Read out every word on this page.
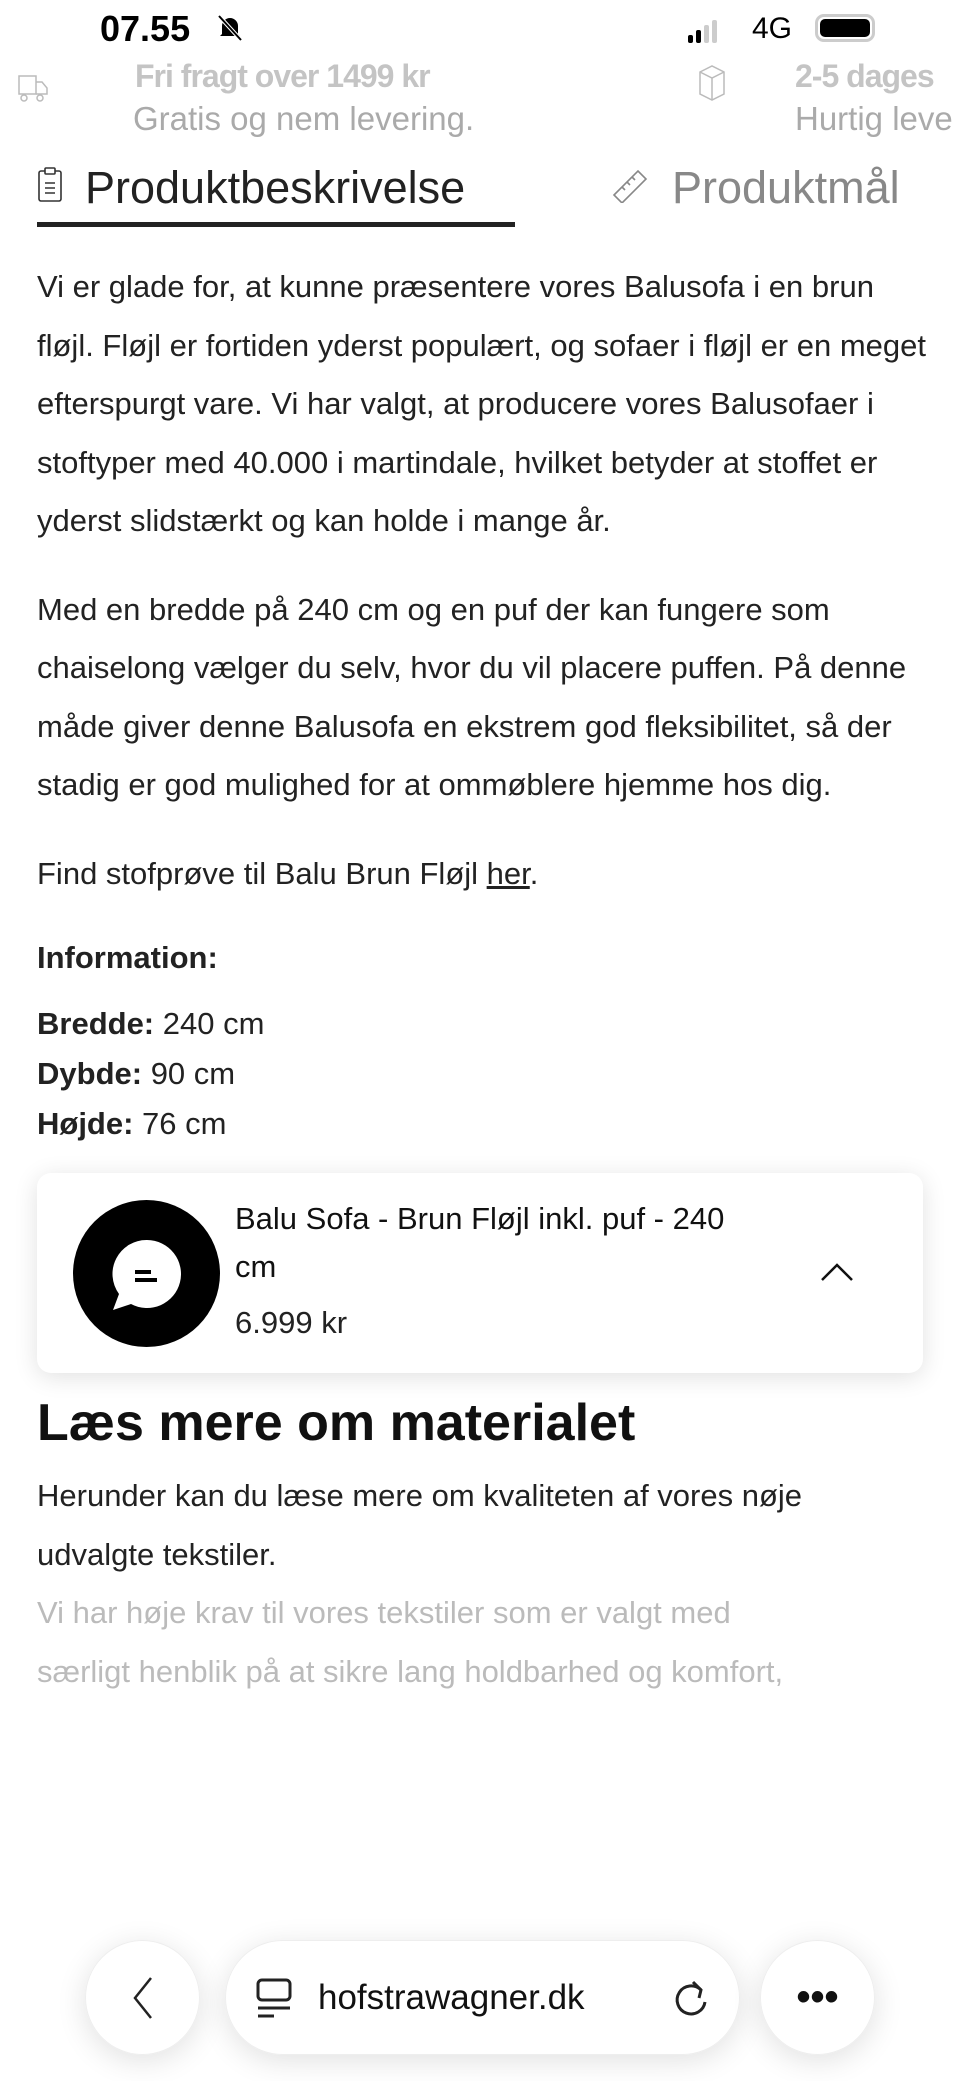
07.55	4G
Fri fragt over 1499 kr
Gratis og nem levering.
2-5 dages
Hurtig leve
Produktbeskrivelse	Produktmål

Vi er glade for, at kunne præsentere vores Balusofa i en brun fløjl. Fløjl er fortiden yderst populært, og sofaer i fløjl er en meget efterspurgt vare. Vi har valgt, at producere vores Balusofaer i stoftyper med 40.000 i martindale, hvilket betyder at stoffet er yderst slidstærkt og kan holde i mange år.

Med en bredde på 240 cm og en puf der kan fungere som chaiselong vælger du selv, hvor du vil placere puffen. På denne måde giver denne Balusofa en ekstrem god fleksibilitet, så der stadig er god mulighed for at ommøblere hjemme hos dig.

Find stofprøve til Balu Brun Fløjl her.

Information:
Bredde: 240 cm
Dybde: 90 cm
Højde: 76 cm
Balu Sofa - Brun Fløjl inkl. puf - 240 cm
6.999 kr
Læs mere om materialet

Herunder kan du læse mere om kvaliteten af vores nøje udvalgte tekstiler.

Vi har høje krav til vores tekstiler som er valgt med
særligt henblik på at sikre lang holdbarhed og komfort,
hofstrawagner.dk	•••
